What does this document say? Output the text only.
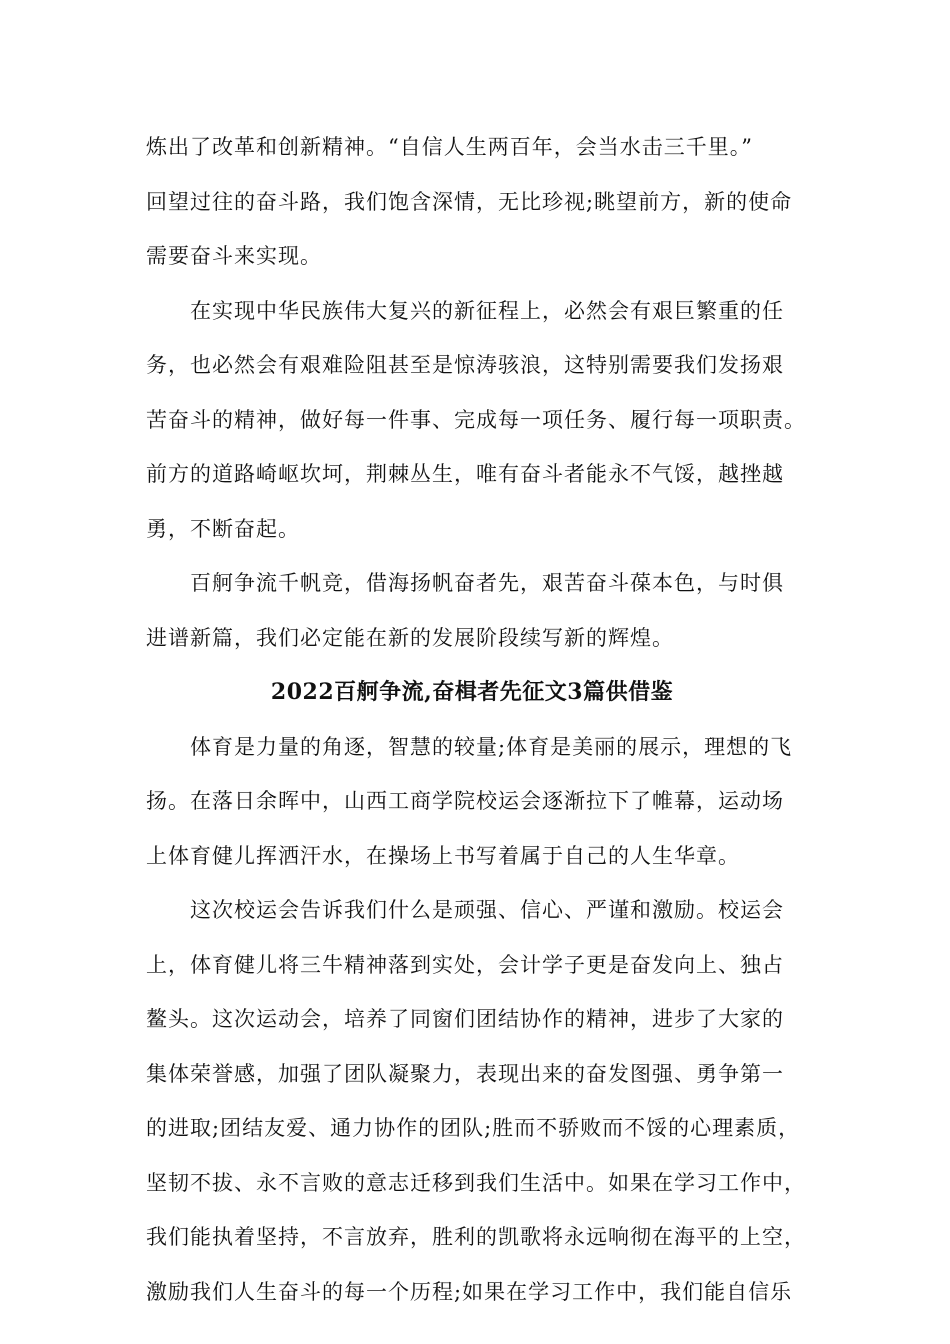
炼出了改革和创新精神。“自信人生两百年，会当水击三千里。”
回望过往的奋斗路，我们饱含深情，无比珍视;眺望前方，新的使命
需要奋斗来实现。
在实现中华民族伟大复兴的新征程上，必然会有艰巨繁重的任
务，也必然会有艰难险阻甚至是惊涛骇浪，这特别需要我们发扬艰
苦奋斗的精神，做好每一件事、完成每一项任务、履行每一项职责。
前方的道路崎岖坎坷，荆棘丛生，唯有奋斗者能永不气馁，越挫越
勇，不断奋起。
百舸争流千帆竞，借海扬帆奋者先，艰苦奋斗葆本色，与时俱
进谱新篇，我们必定能在新的发展阶段续写新的辉煌。
2022百舸争流,奋楫者先征文3篇供借鉴
体育是力量的角逐，智慧的较量;体育是美丽的展示，理想的飞
扬。在落日余晖中，山西工商学院校运会逐渐拉下了帷幕，运动场
上体育健儿挥洒汗水，在操场上书写着属于自己的人生华章。
这次校运会告诉我们什么是顽强、信心、严谨和激励。校运会
上，体育健儿将三牛精神落到实处，会计学子更是奋发向上、独占
鳌头。这次运动会，培养了同窗们团结协作的精神，进步了大家的
集体荣誉感，加强了团队凝聚力，表现出来的奋发图强、勇争第一
的进取;团结友爱、通力协作的团队;胜而不骄败而不馁的心理素质，
坚韧不拔、永不言败的意志迁移到我们生活中。如果在学习工作中，
我们能执着坚持，不言放弃，胜利的凯歌将永远响彻在海平的上空，
激励我们人生奋斗的每一个历程;如果在学习工作中，我们能自信乐
